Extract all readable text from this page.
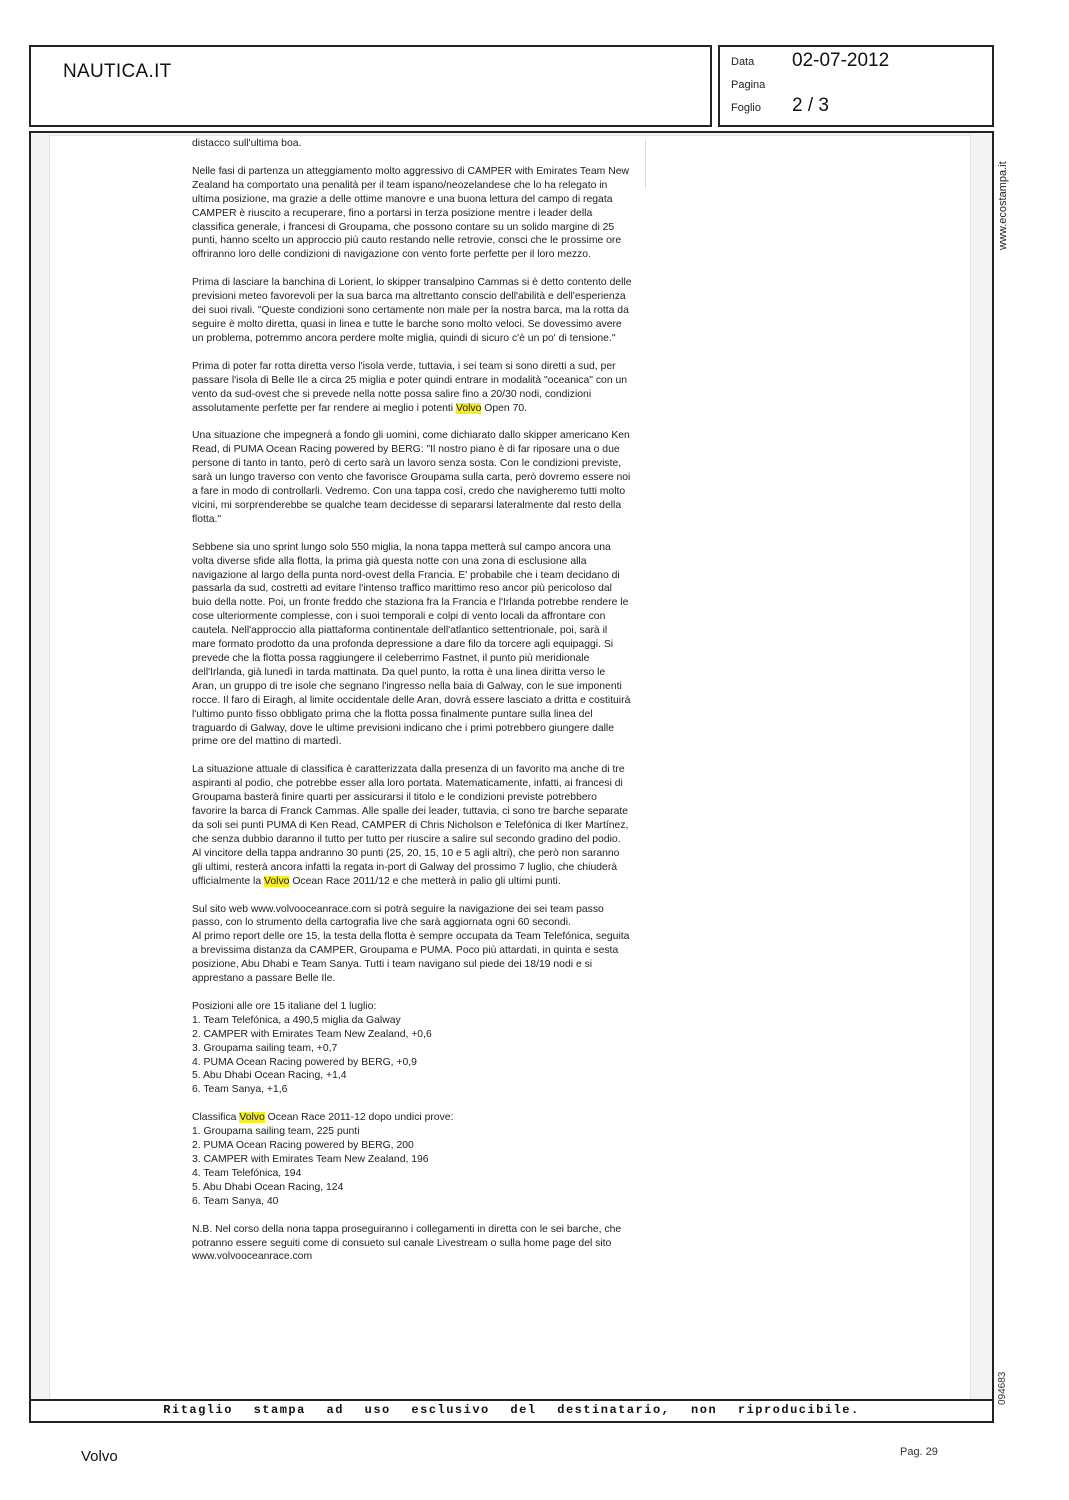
NAUTICA.IT	Data 02-07-2012
Pagina
Foglio 2 / 3
Ritaglio stampa ad uso esclusivo del destinatario, non riproducibile.

distacco sull'ultima boa.

Nelle fasi di partenza un atteggiamento molto aggressivo di CAMPER with Emirates Team New Zealand ha comportato una penalità per il team ispano/neozelandese che lo ha relegato in ultima posizione, ma grazie a delle ottime manovre e una buona lettura del campo di regata CAMPER è riuscito a recuperare, fino a portarsi in terza posizione mentre i leader della classifica generale, i francesi di Groupama, che possono contare su un solido margine di 25 punti, hanno scelto un approccio più cauto restando nelle retrovie, consci che le prossime ore offriranno loro delle condizioni di navigazione con vento forte perfette per il loro mezzo.

Prima di lasciare la banchina di Lorient, lo skipper transalpino Cammas si è detto contento delle previsioni meteo favorevoli per la sua barca ma altrettanto conscio dell'abilità e dell'esperienza dei suoi rivali. "Queste condizioni sono certamente non male per la nostra barca, ma la rotta da seguire è molto diretta, quasi in linea e tutte le barche sono molto veloci. Se dovessimo avere un problema, potremmo ancora perdere molte miglia, quindi di sicuro c'è un po' di tensione."

Prima di poter far rotta diretta verso l'isola verde, tuttavia, i sei team si sono diretti a sud, per passare l'isola di Belle Ile a circa 25 miglia e poter quindi entrare in modalità "oceanica" con un vento da sud-ovest che si prevede nella notte possa salire fino a 20/30 nodi, condizioni assolutamente perfette per far rendere ai meglio i potenti Volvo Open 70.

Una situazione che impegnerà a fondo gli uomini, come dichiarato dallo skipper americano Ken Read, di PUMA Ocean Racing powered by BERG: "Il nostro piano è di far riposare una o due persone di tanto in tanto, però di certo sarà un lavoro senza sosta. Con le condizioni previste, sarà un lungo traverso con vento che favorisce Groupama sulla carta, però dovremo essere noi a fare in modo di controllarli. Vedremo. Con una tappa così, credo che navigheremo tutti molto vicini, mi sorprenderebbe se qualche team decidesse di separarsi lateralmente dal resto della flotta."

Sebbene sia uno sprint lungo solo 550 miglia, la nona tappa metterà sul campo ancora una volta diverse sfide alla flotta, la prima già questa notte con una zona di esclusione alla navigazione al largo della punta nord-ovest della Francia. E' probabile che i team decidano di passarla da sud, costretti ad evitare l'intenso traffico marittimo reso ancor più pericoloso dal buio della notte. Poi, un fronte freddo che staziona fra la Francia e l'Irlanda potrebbe rendere le cose ulteriormente complesse, con i suoi temporali e colpi di vento locali da affrontare con cautela. Nell'approccio alla piattaforma continentale dell'atlantico settentrionale, poi, sarà il mare formato prodotto da una profonda depressione a dare filo da torcere agli equipaggi. Si prevede che la flotta possa raggiungere il celeberrimo Fastnet, il punto più meridionale dell'Irlanda, già lunedì in tarda mattinata. Da quel punto, la rotta è una linea diritta verso le Aran, un gruppo di tre isole che segnano l'ingresso nella baia di Galway, con le sue imponenti rocce. Il faro di Eiragh, al limite occidentale delle Aran, dovrà essere lasciato a dritta e costituirà l'ultimo punto fisso obbligato prima che la flotta possa finalmente puntare sulla linea del traguardo di Galway, dove le ultime previsioni indicano che i primi potrebbero giungere dalle prime ore del mattino di martedì.

La situazione attuale di classifica è caratterizzata dalla presenza di un favorito ma anche di tre aspiranti al podio, che potrebbe esser alla loro portata. Matematicamente, infatti, ai francesi di Groupama basterà finire quarti per assicurarsi il titolo e le condizioni previste potrebbero favorire la barca di Franck Cammas. Alle spalle dei leader, tuttavia, ci sono tre barche separate da soli sei punti PUMA di Ken Read, CAMPER di Chris Nicholson e Telefónica di Iker Martínez, che senza dubbio daranno il tutto per tutto per riuscire a salire sul secondo gradino del podio. Al vincitore della tappa andranno 30 punti (25, 20, 15, 10 e 5 agli altri), che però non saranno gli ultimi, resterà ancora infatti la regata in-port di Galway del prossimo 7 luglio, che chiuderà ufficialmente la Volvo Ocean Race 2011/12 e che metterà in palio gli ultimi punti.

Sul sito web www.volvooceanrace.com si potrà seguire la navigazione dei sei team passo passo, con lo strumento della cartografia live che sarà aggiornata ogni 60 secondi.

Al primo report delle ore 15, la testa della flotta è sempre occupata da Team Telefónica, seguita a brevissima distanza da CAMPER, Groupama e PUMA. Poco più attardati, in quinta e sesta posizione, Abu Dhabi e Team Sanya. Tutti i team navigano sul piede dei 18/19 nodi e si apprestano a passare Belle Ile.

Posizioni alle ore 15 italiane del 1 luglio:
1. Team Telefónica, a 490,5 miglia da Galway
2. CAMPER with Emirates Team New Zealand, +0,6
3. Groupama sailing team, +0,7
4. PUMA Ocean Racing powered by BERG, +0,9
5. Abu Dhabi Ocean Racing, +1,4
6. Team Sanya, +1,6

Classifica Volvo Ocean Race 2011-12 dopo undici prove:
1. Groupama sailing team, 225 punti
2. PUMA Ocean Racing powered by BERG, 200
3. CAMPER with Emirates Team New Zealand, 196
4. Team Telefónica, 194
5. Abu Dhabi Ocean Racing, 124
6. Team Sanya, 40

N.B. Nel corso della nona tappa proseguiranno i collegamenti in diretta con le sei barche, che potranno essere seguiti come di consueto sul canale Livestream o sulla home page del sito www.volvooceanrace.com

www.ecostampa.it
094683
Volvo	Pag. 29
